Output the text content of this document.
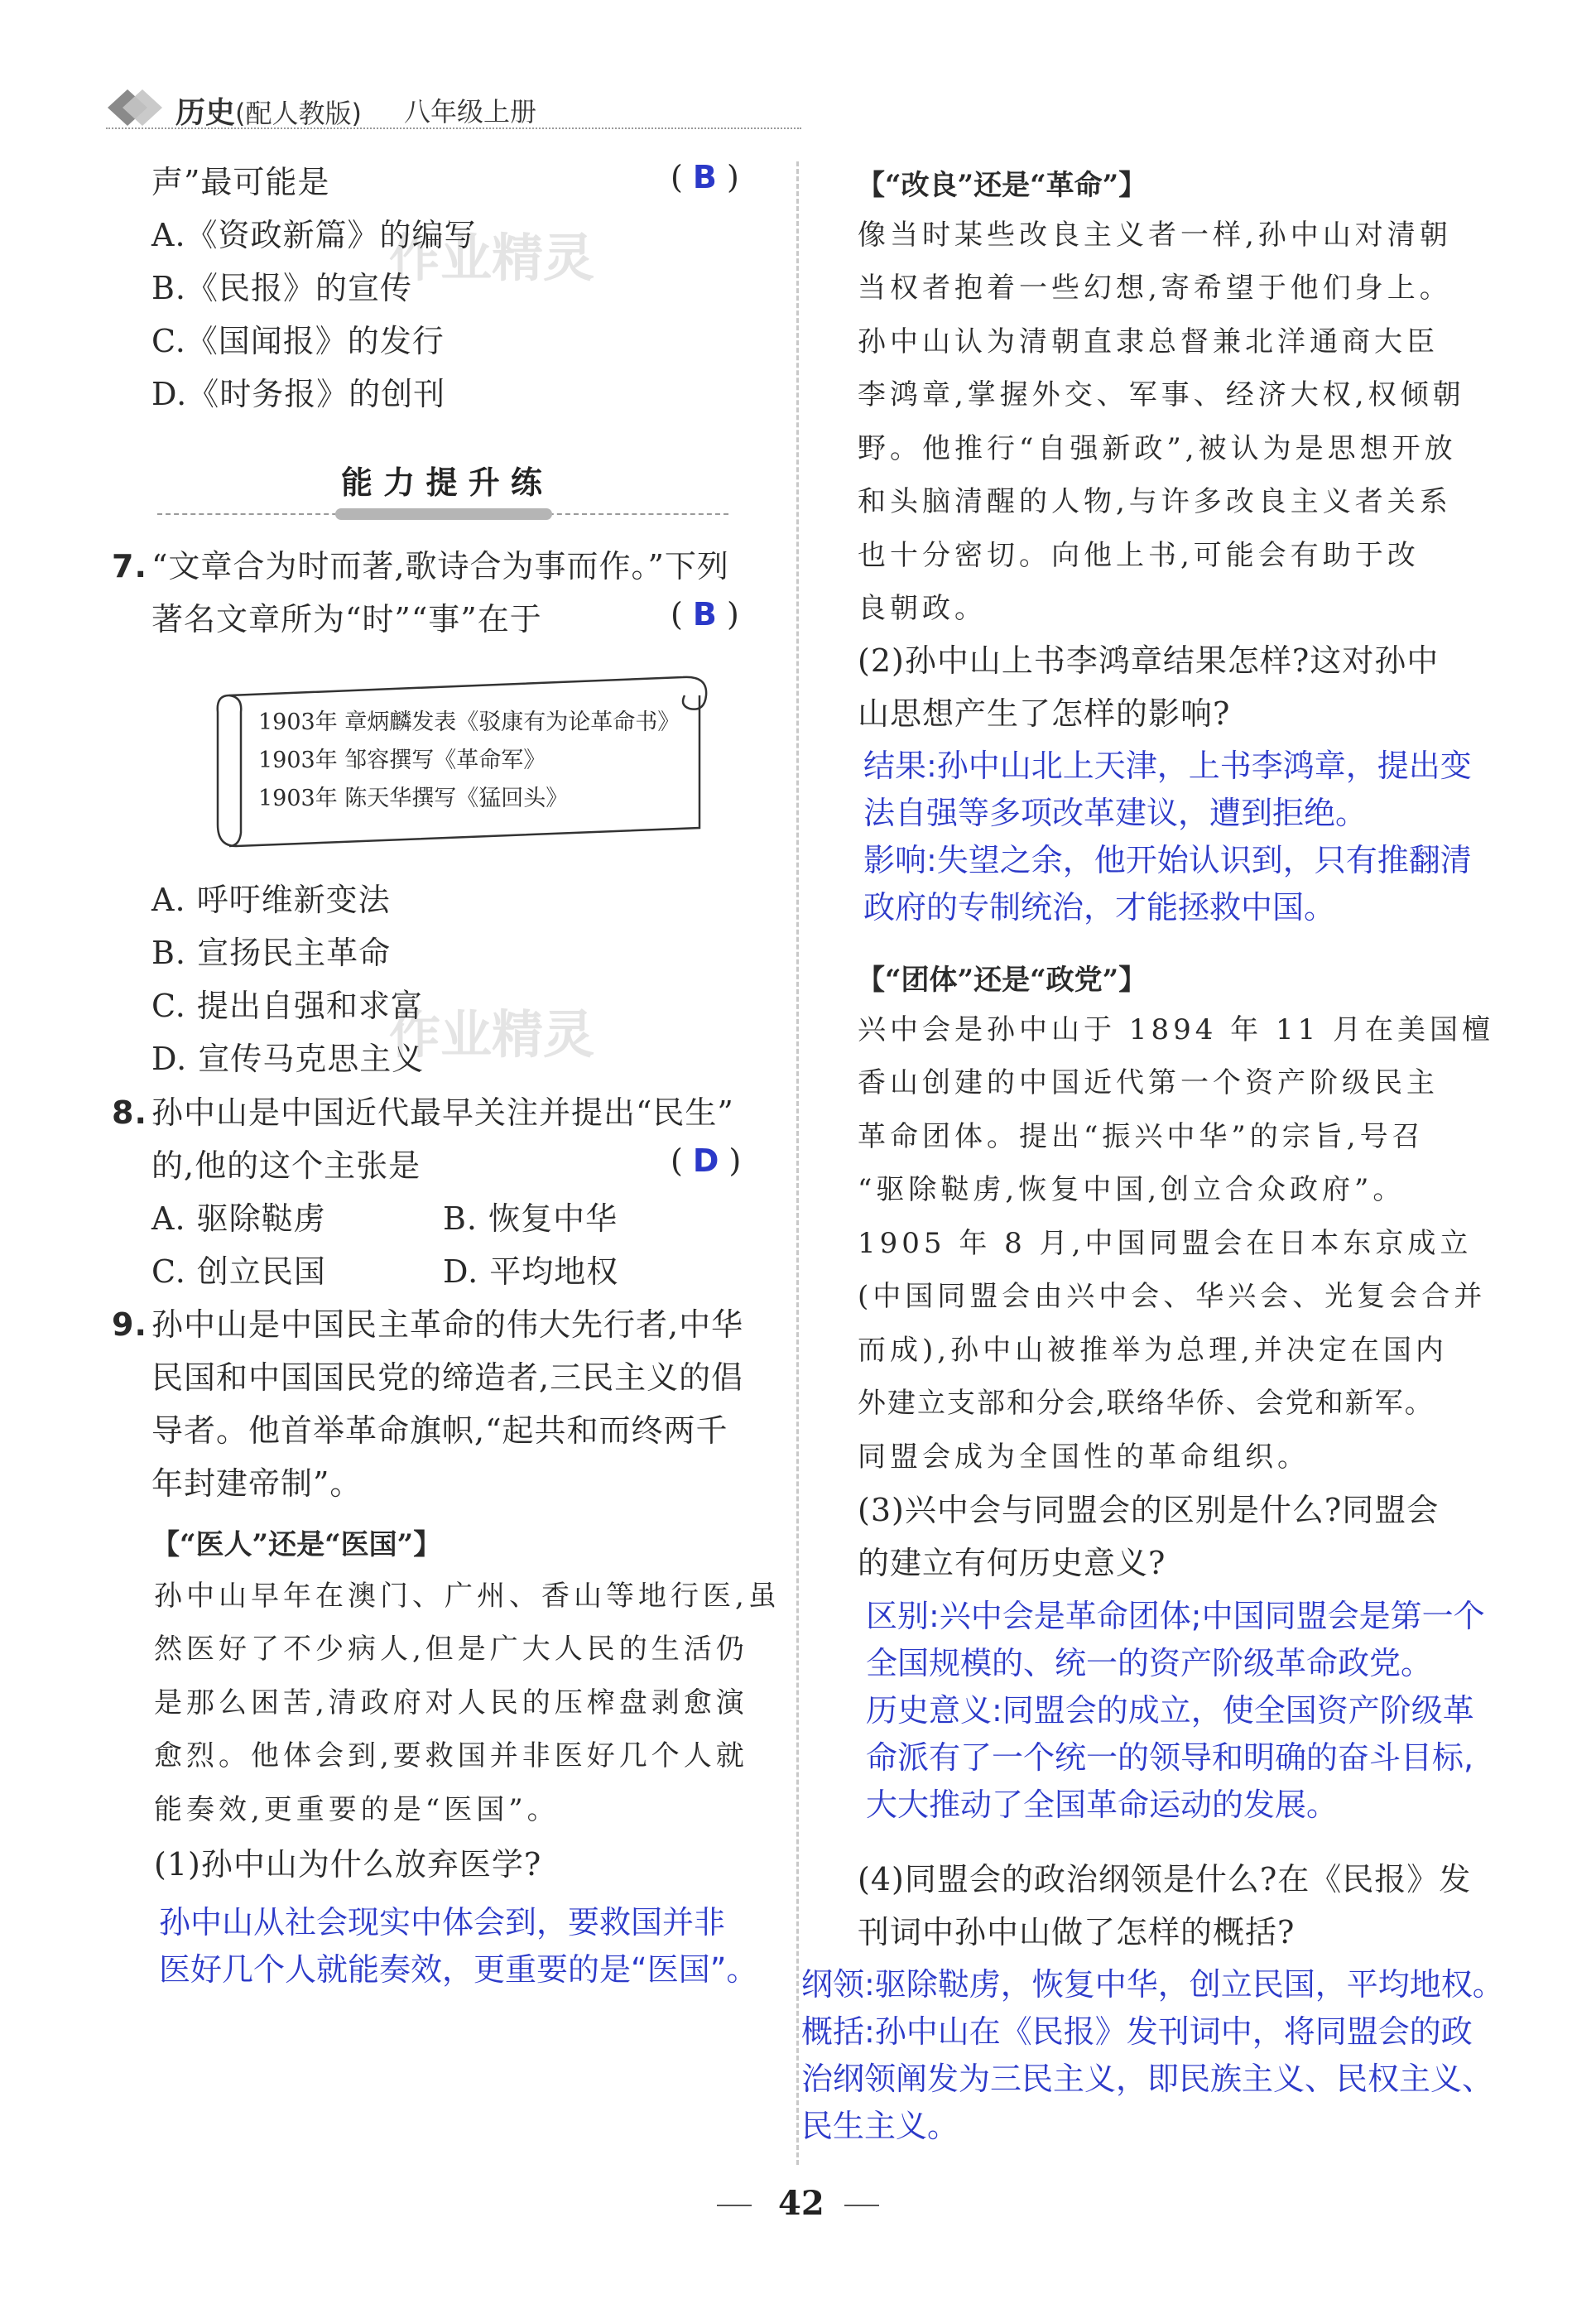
历史(配人教版) 八年级上册
作业精灵
作业精灵
声”最可能是	( B )
A.《资政新篇》的编写
B.《民报》的宣传
C.《国闻报》的发行
D.《时务报》的创刊
能 力 提 升 练
7. “文章合为时而著,歌诗合为事而作。”下列
著名文章所为“时”“事”在于	( B )
1903年 章炳麟发表《驳康有为论革命书》
1903年 邹容撰写《革命军》
1903年 陈天华撰写《猛回头》
A. 呼吁维新变法
B. 宣扬民主革命
C. 提出自强和求富
D. 宣传马克思主义
8. 孙中山是中国近代最早关注并提出“民生”
的,他的这个主张是	( D )
A. 驱除鞑虏	B. 恢复中华
C. 创立民国	D. 平均地权
9. 孙中山是中国民主革命的伟大先行者,中华
民国和中国国民党的缔造者,三民主义的倡
导者。他首举革命旗帜,“起共和而终两千
年封建帝制”。
【“医人”还是“医国”】
孙中山早年在澳门、广州、香山等地行医,虽
然医好了不少病人,但是广大人民的生活仍
是那么困苦,清政府对人民的压榨盘剥愈演
愈烈。他体会到,要救国并非医好几个人就
能奏效,更重要的是“医国”。
(1)孙中山为什么放弃医学?
孙中山从社会现实中体会到，要救国并非
医好几个人就能奏效，更重要的是“医国”。
【“改良”还是“革命”】
像当时某些改良主义者一样,孙中山对清朝
当权者抱着一些幻想,寄希望于他们身上。
孙中山认为清朝直隶总督兼北洋通商大臣
李鸿章,掌握外交、军事、经济大权,权倾朝
野。他推行“自强新政”,被认为是思想开放
和头脑清醒的人物,与许多改良主义者关系
也十分密切。向他上书,可能会有助于改
良朝政。
(2)孙中山上书李鸿章结果怎样?这对孙中
山思想产生了怎样的影响?
结果:孙中山北上天津，上书李鸿章，提出变
法自强等多项改革建议，遭到拒绝。
影响:失望之余，他开始认识到，只有推翻清
政府的专制统治，才能拯救中国。
【“团体”还是“政党”】
兴中会是孙中山于 1894 年 11 月在美国檀
香山创建的中国近代第一个资产阶级民主
革命团体。提出“振兴中华”的宗旨,号召
“驱除鞑虏,恢复中国,创立合众政府”。
1905 年 8 月,中国同盟会在日本东京成立
(中国同盟会由兴中会、华兴会、光复会合并
而成),孙中山被推举为总理,并决定在国内
外建立支部和分会,联络华侨、会党和新军。
同盟会成为全国性的革命组织。
(3)兴中会与同盟会的区别是什么?同盟会
的建立有何历史意义?
区别:兴中会是革命团体;中国同盟会是第一个
全国规模的、统一的资产阶级革命政党。
历史意义:同盟会的成立，使全国资产阶级革
命派有了一个统一的领导和明确的奋斗目标,
大大推动了全国革命运动的发展。
(4)同盟会的政治纲领是什么?在《民报》发
刊词中孙中山做了怎样的概括?
纲领:驱除鞑虏，恢复中华，创立民国，平均地权。
概括:孙中山在《民报》发刊词中，将同盟会的政
治纲领阐发为三民主义，即民族主义、民权主义、
民生主义。
42
